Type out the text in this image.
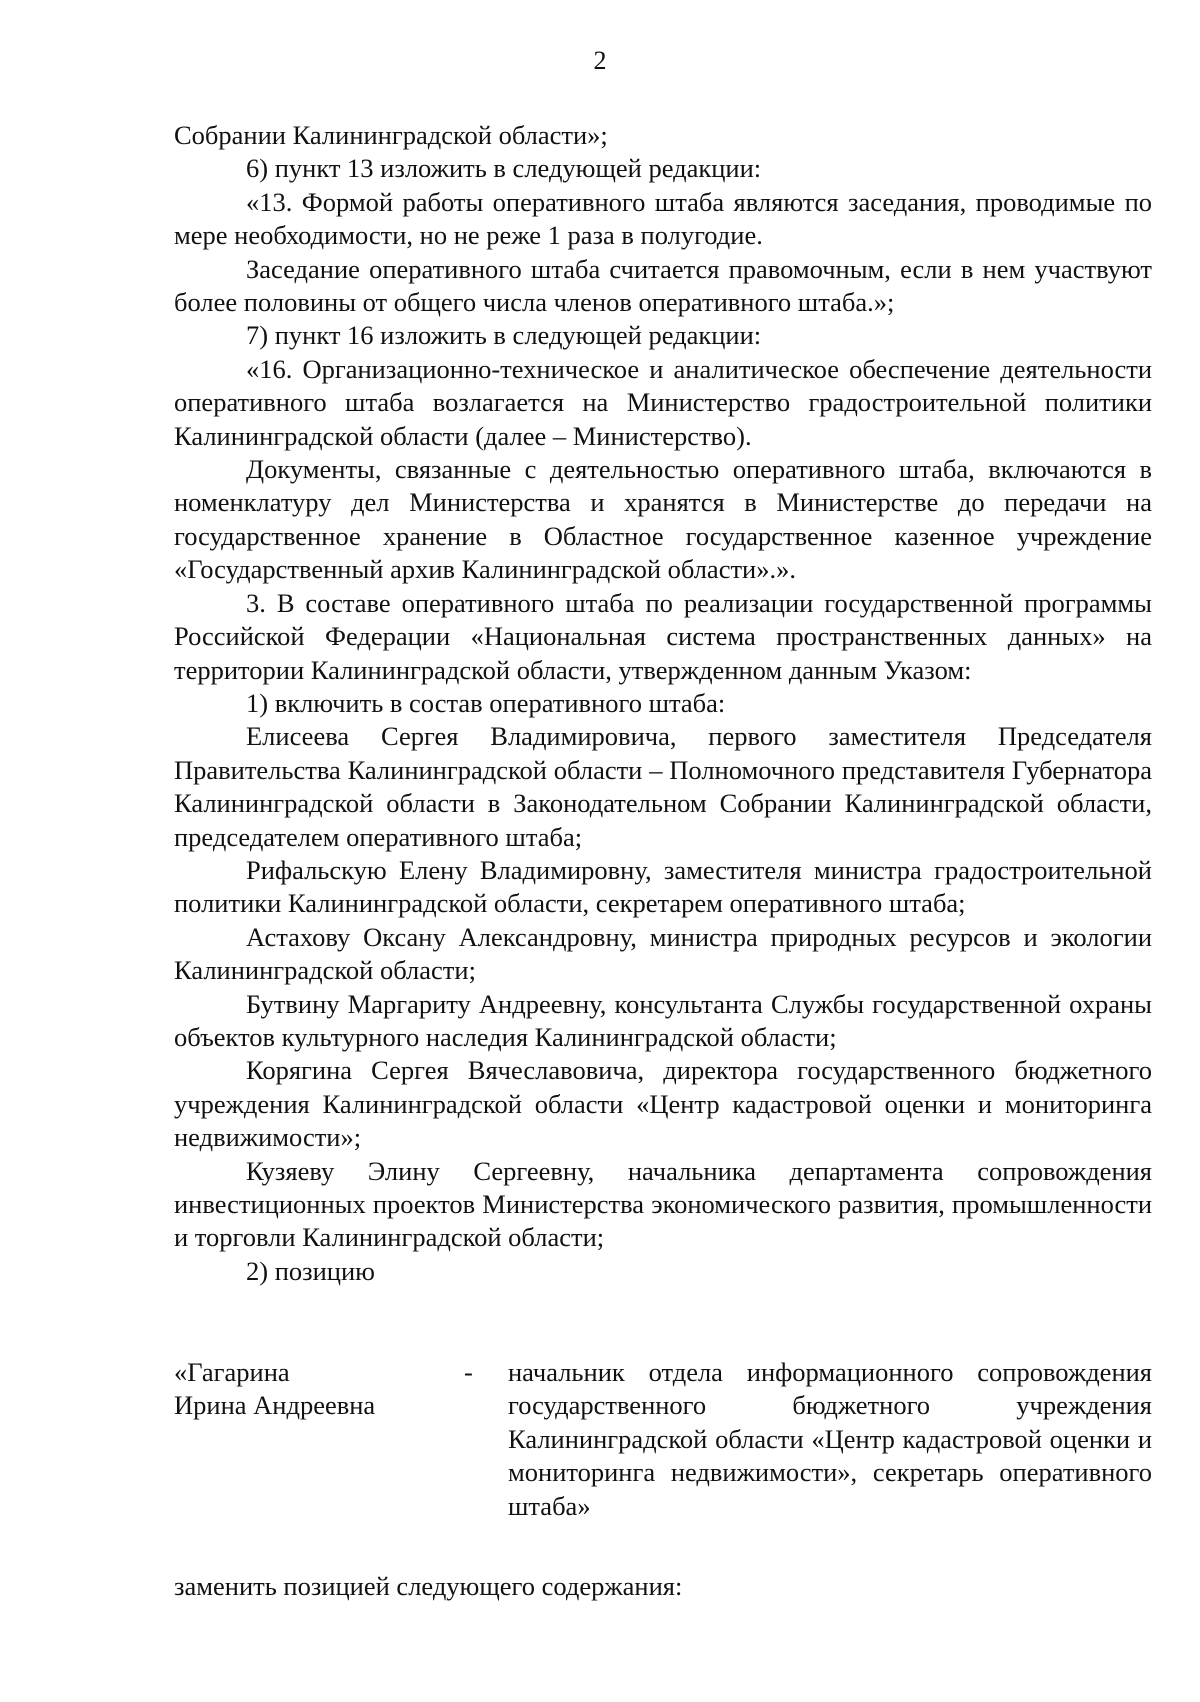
2

Собрании Калининградской области»;

6) пункт 13 изложить в следующей редакции:

«13. Формой работы оперативного штаба являются заседания, проводимые по мере необходимости, но не реже 1 раза в полугодие.

Заседание оперативного штаба считается правомочным, если в нем участвуют более половины от общего числа членов оперативного штаба.»;

7) пункт 16 изложить в следующей редакции:

«16. Организационно-техническое и аналитическое обеспечение деятельности оперативного штаба возлагается на Министерство градостроительной политики Калининградской области (далее – Министерство).

Документы, связанные с деятельностью оперативного штаба, включаются в номенклатуру дел Министерства и хранятся в Министерстве до передачи на государственное хранение в Областное государственное казенное учреждение «Государственный архив Калининградской области».».

3. В составе оперативного штаба по реализации государственной программы Российской Федерации «Национальная система пространственных данных» на территории Калининградской области, утвержденном данным Указом:

1) включить в состав оперативного штаба:

Елисеева Сергея Владимировича, первого заместителя Председателя Правительства Калининградской области – Полномочного представителя Губернатора Калининградской области в Законодательном Собрании Калининградской области, председателем оперативного штаба;

Рифальскую Елену Владимировну, заместителя министра градостроительной политики Калининградской области, секретарем оперативного штаба;

Астахову Оксану Александровну, министра природных ресурсов и экологии Калининградской области;

Бутвину Маргариту Андреевну, консультанта Службы государственной охраны объектов культурного наследия Калининградской области;

Корягина Сергея Вячеславовича, директора государственного бюджетного учреждения Калининградской области «Центр кадастровой оценки и мониторинга недвижимости»;

Кузяеву Элину Сергеевну, начальника департамента сопровождения инвестиционных проектов Министерства экономического развития, промышленности и торговли Калининградской области;

2) позицию

«Гагарина
Ирина Андреевна
-	начальник отдела информационного сопровождения государственного бюджетного учреждения Калининградской области «Центр кадастровой оценки и мониторинга недвижимости», секретарь оперативного штаба»
заменить позицией следующего содержания:
